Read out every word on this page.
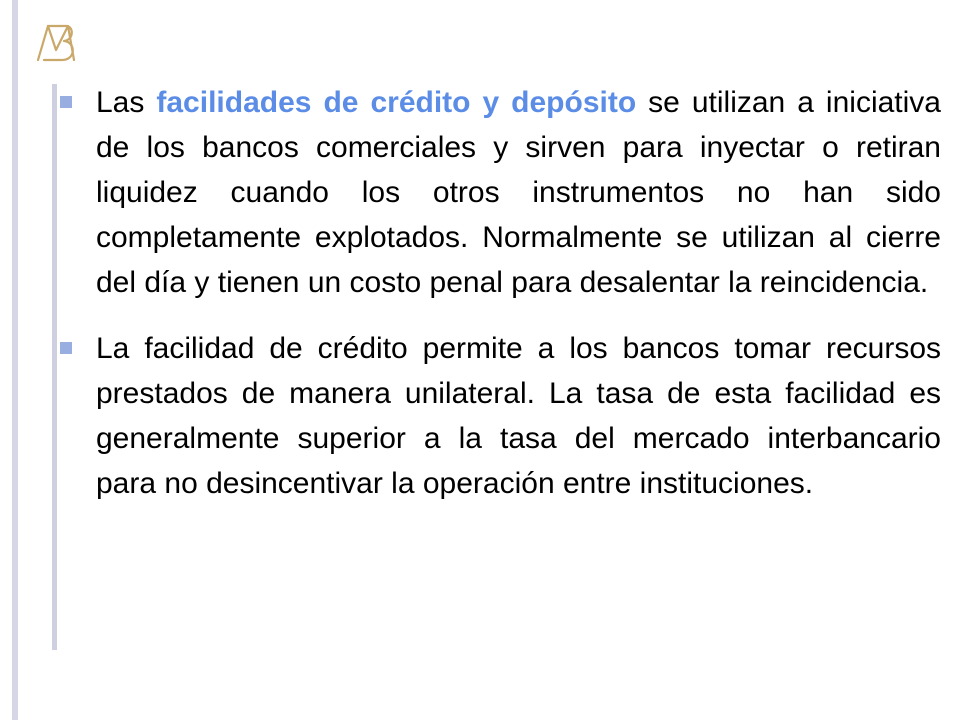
Las facilidades de crédito y depósito se utilizan a iniciativa de los bancos comerciales y sirven para inyectar o retiran liquidez cuando los otros instrumentos no han sido completamente explotados. Normalmente se utilizan al cierre del día y tienen un costo penal para desalentar la reincidencia.
La facilidad de crédito permite a los bancos tomar recursos prestados de manera unilateral. La tasa de esta facilidad es generalmente superior a la tasa del mercado interbancario para no desincentivar la operación entre instituciones.
